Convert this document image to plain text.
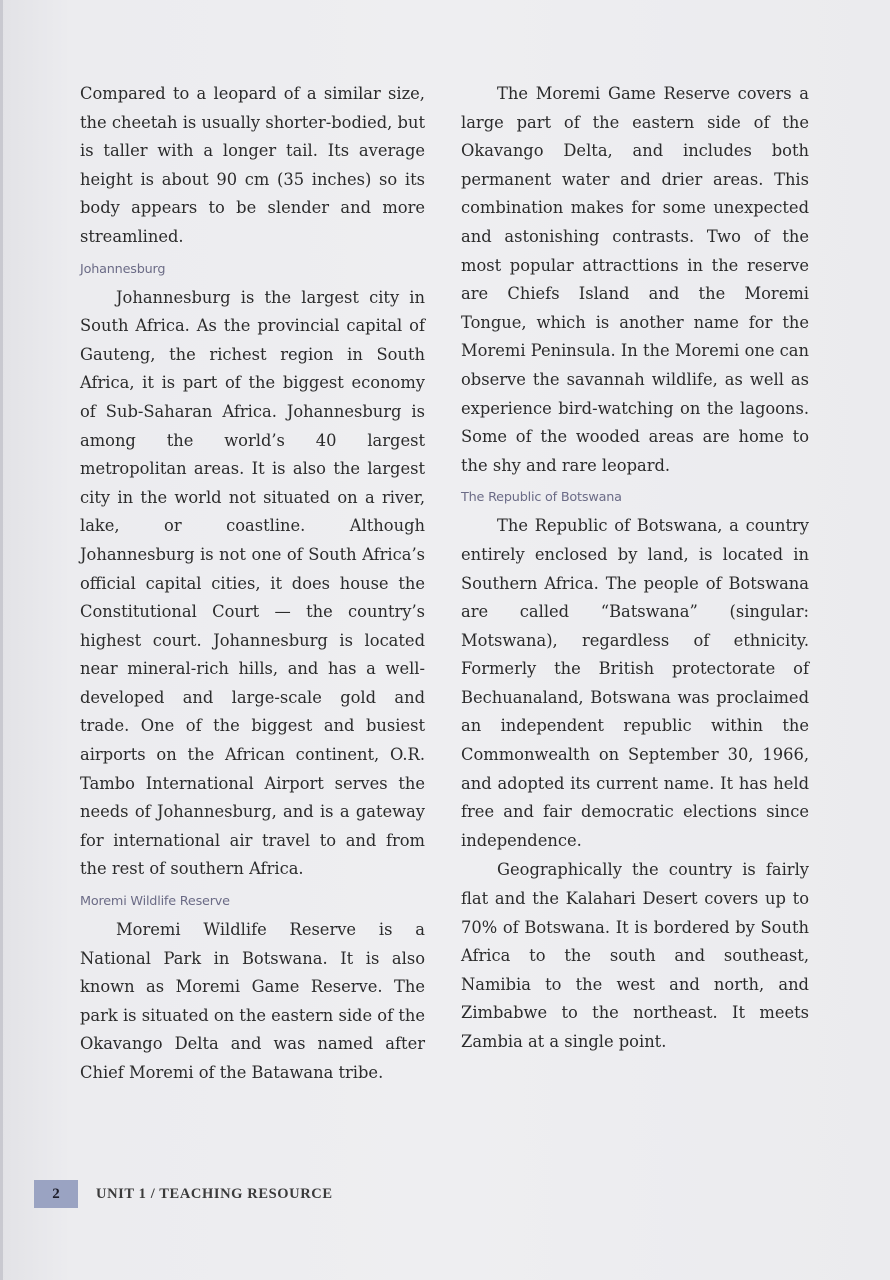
Compared to a leopard of a similar size, the cheetah is usually shorter-bodied, but is taller with a longer tail. Its average height is about 90 cm (35 inches) so its body appears to be slender and more streamlined.

Johannesburg

Johannesburg is the largest city in South Africa. As the provincial capital of Gauteng, the richest region in South Africa, it is part of the biggest economy of Sub-Saharan Africa. Johannesburg is among the world’s 40 largest metropolitan areas. It is also the largest city in the world not situated on a river, lake, or coastline. Although Johannesburg is not one of South Africa’s official capital cities, it does house the Constitutional Court — the country’s highest court. Johannesburg is located near mineral-rich hills, and has a well-developed and large-scale gold and trade. One of the biggest and busiest airports on the African continent, O.R. Tambo International Airport serves the needs of Johannesburg, and is a gateway for international air travel to and from the rest of southern Africa.

Moremi Wildlife Reserve

Moremi Wildlife Reserve is a National Park in Botswana. It is also known as Moremi Game Reserve. The park is situated on the eastern side of the Okavango Delta and was named after Chief Moremi of the Batawana tribe.

The Moremi Game Reserve covers a large part of the eastern side of the Okavango Delta, and includes both permanent water and drier areas. This combination makes for some unexpected and astonishing contrasts. Two of the most popular attracttions in the reserve are Chiefs Island and the Moremi Tongue, which is another name for the Moremi Peninsula. In the Moremi one can observe the savannah wildlife, as well as experience bird-watching on the lagoons. Some of the wooded areas are home to the shy and rare leopard.

The Republic of Botswana

The Republic of Botswana, a country entirely enclosed by land, is located in Southern Africa. The people of Botswana are called “Batswana” (singular: Motswana), regardless of ethnicity. Formerly the British protectorate of Bechuanaland, Botswana was proclaimed an independent republic within the Commonwealth on September 30, 1966, and adopted its current name. It has held free and fair democratic elections since independence.

Geographically the country is fairly flat and the Kalahari Desert covers up to 70% of Botswana. It is bordered by South Africa to the south and southeast, Namibia to the west and north, and Zimbabwe to the northeast. It meets Zambia at a single point.

2	UNIT 1 / TEACHING RESOURCE
